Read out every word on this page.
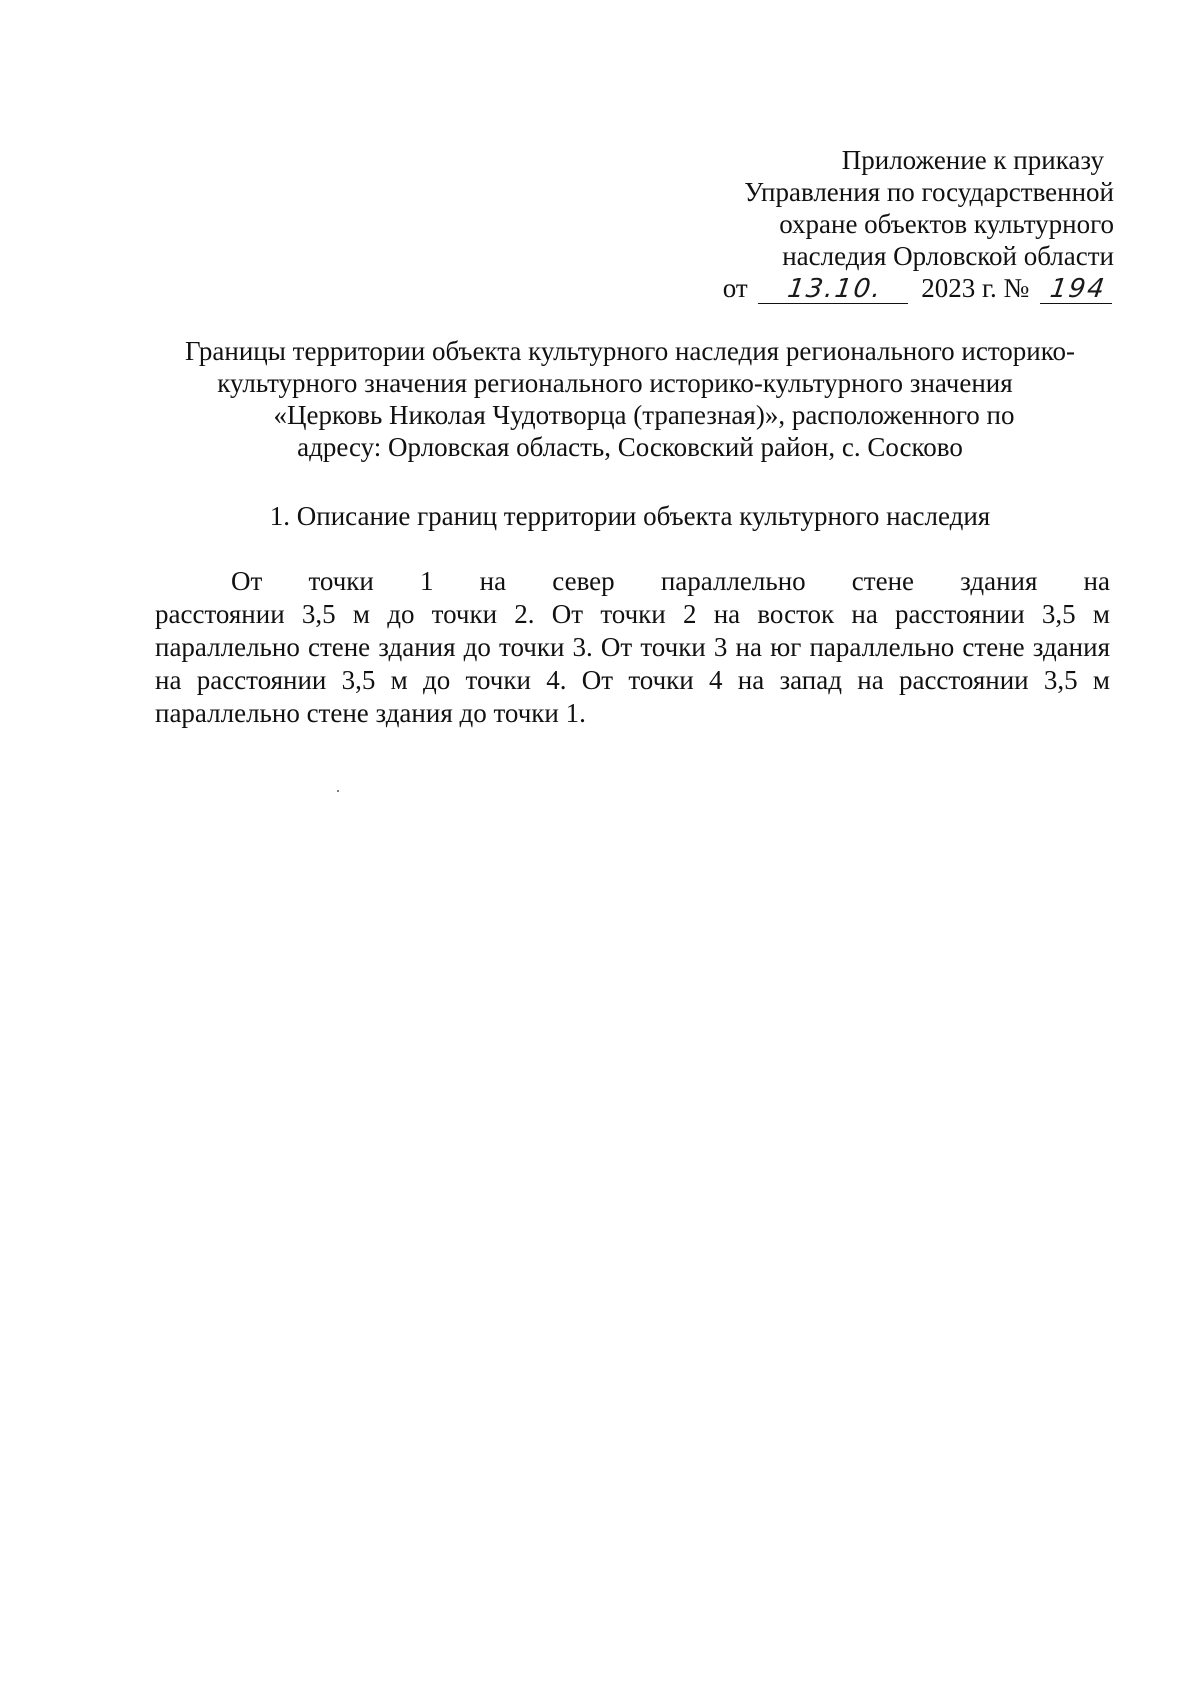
Приложение к приказу
Управления по государственной
охране объектов культурного
наследия Орловской области
от 13.10. 2023 г. № 194
Границы территории объекта культурного наследия регионального историко-
культурного значения регионального историко-культурного значения
«Церковь Николая Чудотворца (трапезная)», расположенного по
адресу: Орловская область, Сосковский район, с. Сосково
1. Описание границ территории объекта культурного наследия

От точки 1 на север параллельно стене здания на расстоянии 3,5 м до точки 2. От точки 2 на восток на расстоянии 3,5 м параллельно стене здания до точки 3. От точки 3 на юг параллельно стене здания на расстоянии 3,5 м до точки 4. От точки 4 на запад на расстоянии 3,5 м параллельно стене здания до точки 1.
